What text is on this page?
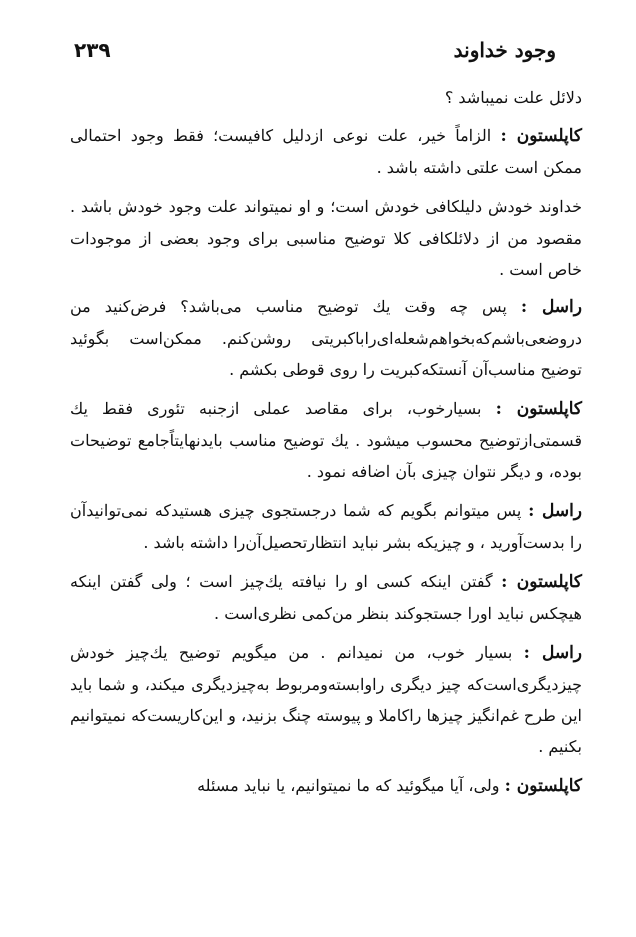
وجود خداوند
۲۳۹

دلائل علت نمیباشد ؟

کاپلستون : الزاماً خیر، علت نوعی ازدلیل کافیست؛ فقط وجود احتمالی ممکن است علتی داشته باشد .

خداوند خودش دلیلکافی خودش است؛ و او نمیتواند علت وجود خودش باشد . مقصود من از دلائلکافی کلا توضیح مناسبی برای وجود بعضی از موجودات خاص است .

راسل : پس چه وقت یك توضیح مناسب می‌باشد؟ فرض‌کنید من دروضعی‌باشم‌که‌بخواهم‌شعله‌ای‌راباکبریتی روشن‌کنم. ممکن‌است بگوئید توضیح مناسب‌آن آنستکه‌کبریت را روی قوطی بکشم .

کاپلستون : بسیارخوب، برای مقاصد عملی ازجنبه تئوری فقط یك قسمتی‌ازتوضیح محسوب میشود . یك توضیح مناسب بایدنهایتاًجامع توضیحات بوده، و دیگر نتوان چیزی بآن اضافه نمود .

راسل : پس میتوانم بگویم که شما درجستجوی چیزی هستیدکه نمی‌توانیدآن را بدست‌آورید ، و چیزیکه بشر نباید انتظارتحصیل‌آن‌را داشته باشد .

کاپلستون : گفتن اینکه کسی او را نیافته یك‌چیز است ؛ ولی گفتن اینکه هیچکس نباید اورا جستجوکند بنظر من‌کمی نظری‌است .

راسل : بسیار خوب، من نمیدانم . من میگویم توضیح یك‌چیز خودش چیزدیگری‌است‌که چیز دیگری راوابسته‌ومربوط به‌چیزدیگری میکند، و شما باید این طرح غم‌انگیز چیزها راکاملا و پیوسته چنگ بزنید، و این‌کاریست‌که نمیتوانیم بکنیم .

کاپلستون : ولی، آیا میگوئید که ما نمیتوانیم، یا نباید مسئله
